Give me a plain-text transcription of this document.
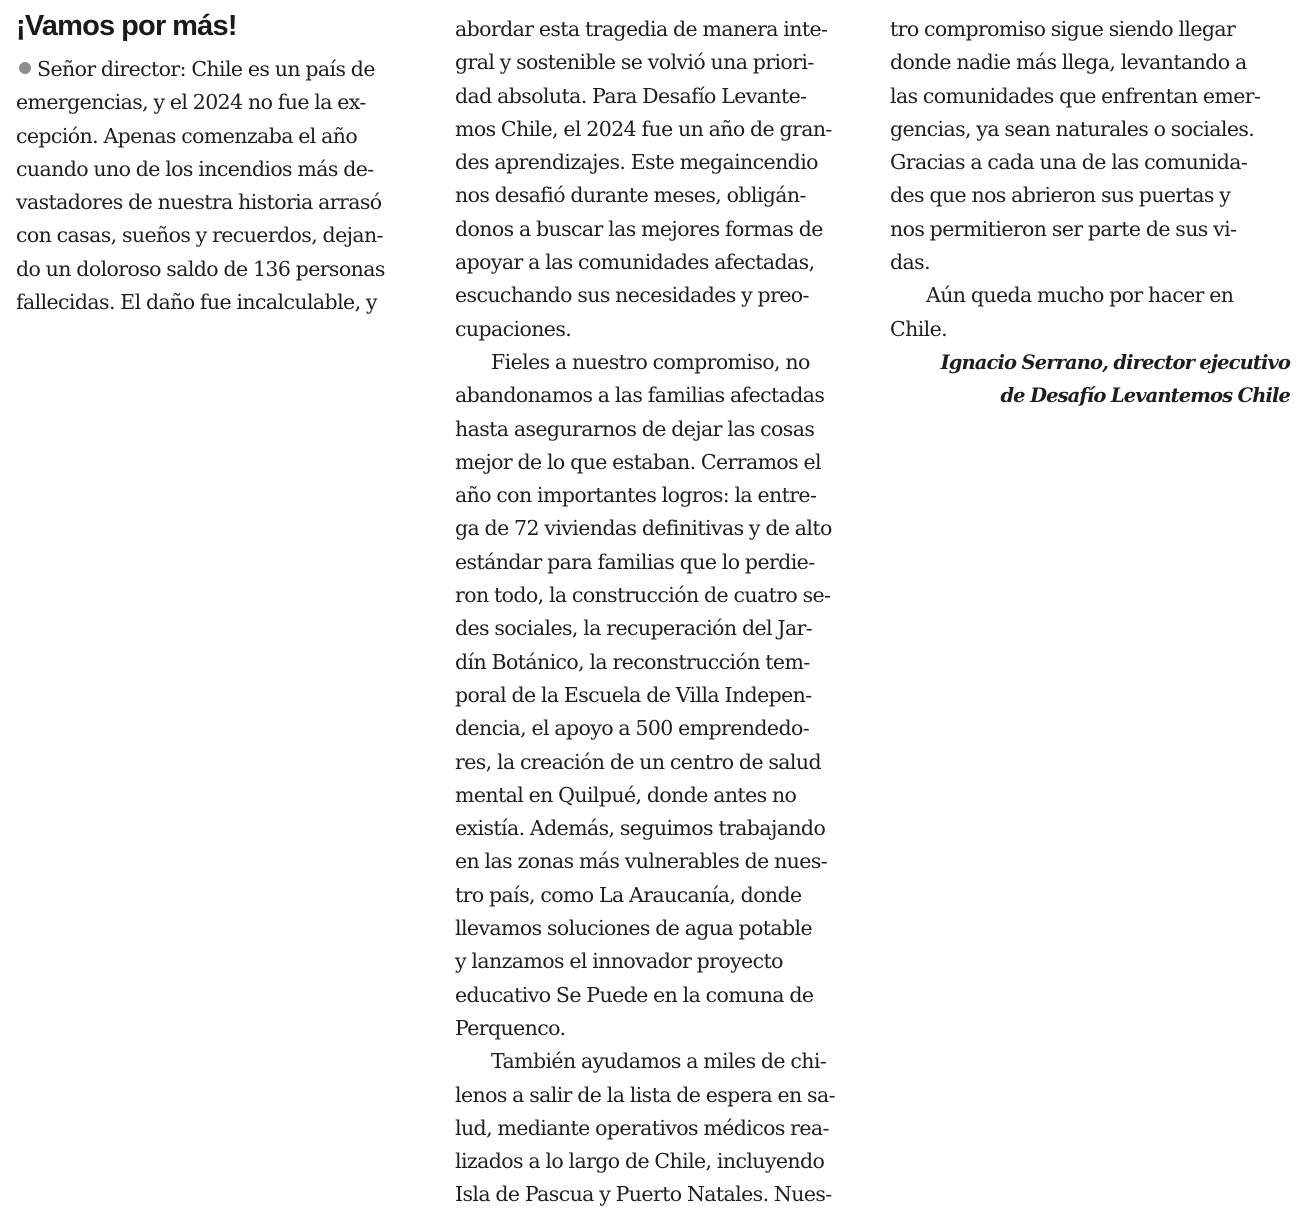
¡Vamos por más!
Señor director: Chile es un país de
emergencias, y el 2024 no fue la ex-
cepción. Apenas comenzaba el año
cuando uno de los incendios más de-
vastadores de nuestra historia arrasó
con casas, sueños y recuerdos, dejan-
do un doloroso saldo de 136 personas
fallecidas. El daño fue incalculable, y
abordar esta tragedia de manera inte-
gral y sostenible se volvió una priori-
dad absoluta. Para Desafío Levante-
mos Chile, el 2024 fue un año de gran-
des aprendizajes. Este megaincendio
nos desafió durante meses, obligán-
donos a buscar las mejores formas de
apoyar a las comunidades afectadas,
escuchando sus necesidades y preo-
cupaciones.
Fieles a nuestro compromiso, no
abandonamos a las familias afectadas
hasta asegurarnos de dejar las cosas
mejor de lo que estaban. Cerramos el
año con importantes logros: la entre-
ga de 72 viviendas definitivas y de alto
estándar para familias que lo perdie-
ron todo, la construcción de cuatro se-
des sociales, la recuperación del Jar-
dín Botánico, la reconstrucción tem-
poral de la Escuela de Villa Indepen-
dencia, el apoyo a 500 emprendedo-
res, la creación de un centro de salud
mental en Quilpué, donde antes no
existía. Además, seguimos trabajando
en las zonas más vulnerables de nues-
tro país, como La Araucanía, donde
llevamos soluciones de agua potable
y lanzamos el innovador proyecto
educativo Se Puede en la comuna de
Perquenco.
También ayudamos a miles de chi-
lenos a salir de la lista de espera en sa-
lud, mediante operativos médicos rea-
lizados a lo largo de Chile, incluyendo
Isla de Pascua y Puerto Natales. Nues-
tro compromiso sigue siendo llegar
donde nadie más llega, levantando a
las comunidades que enfrentan emer-
gencias, ya sean naturales o sociales.
Gracias a cada una de las comunida-
des que nos abrieron sus puertas y
nos permitieron ser parte de sus vi-
das.
Aún queda mucho por hacer en
Chile.
Ignacio Serrano, director ejecutivo
de Desafío Levantemos Chile
